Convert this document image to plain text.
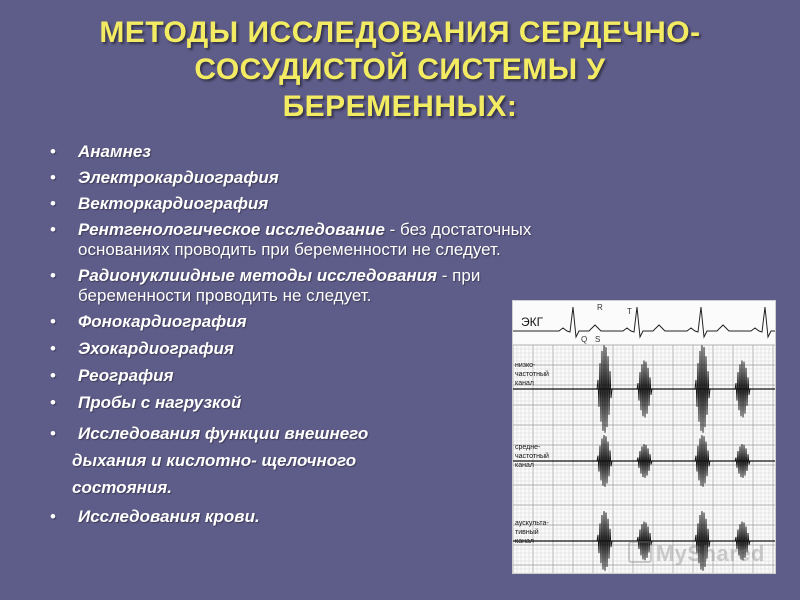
МЕТОДЫ ИССЛЕДОВАНИЯ СЕРДЕЧНО-
СОСУДИСТОЙ СИСТЕМЫ У
БЕРЕМЕННЫХ:
• Анамнез
• Электрокардиография
• Векторкардиография
• Рентгенологическое исследование - без достаточных
основаниях проводить при беременности не следует.
• Радионуклиидные методы исследования - при
беременности проводить не следует.
• Фонокардиография
• Эхокардиография
• Реография
• Пробы с нагрузкой
• Исследования функции внешнего
дыхания и кислотно- щелочного
состояния.
• Исследования крови.
ЭКГ
R	T
Q S
низко-
частотный
канал
средне-
частотный
канал
аускульта-
тивный
канал	MyShared
